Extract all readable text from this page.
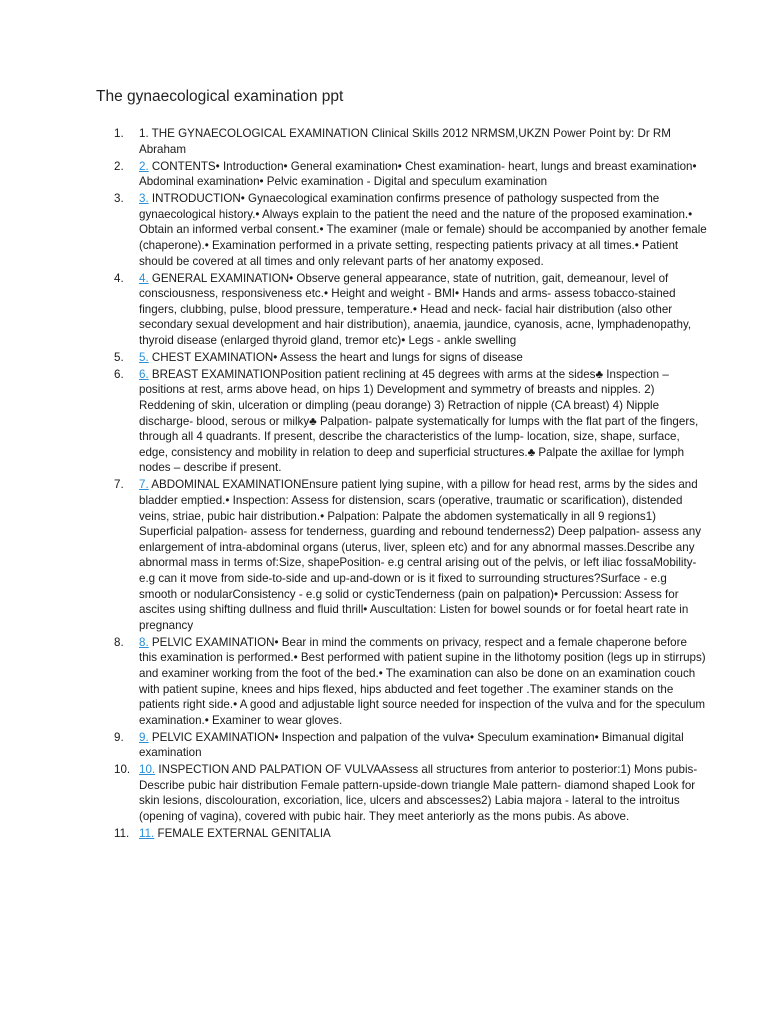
The gynaecological examination ppt
1. 1. THE GYNAECOLOGICAL EXAMINATION Clinical Skills 2012 NRMSM,UKZN Power Point by: Dr RM Abraham
2. 2. CONTENTS• Introduction• General examination• Chest examination- heart, lungs and breast examination• Abdominal examination• Pelvic examination - Digital and speculum examination
3. 3. INTRODUCTION• Gynaecological examination confirms presence of pathology suspected from the gynaecological history.• Always explain to the patient the need and the nature of the proposed examination.• Obtain an informed verbal consent.• The examiner (male or female) should be accompanied by another female (chaperone).• Examination performed in a private setting, respecting patients privacy at all times.• Patient should be covered at all times and only relevant parts of her anatomy exposed.
4. 4. GENERAL EXAMINATION• Observe general appearance, state of nutrition, gait, demeanour, level of consciousness, responsiveness etc.• Height and weight - BMI• Hands and arms- assess tobacco-stained fingers, clubbing, pulse, blood pressure, temperature.• Head and neck- facial hair distribution (also other secondary sexual development and hair distribution), anaemia, jaundice, cyanosis, acne, lymphadenopathy, thyroid disease (enlarged thyroid gland, tremor etc)• Legs - ankle swelling
5. 5. CHEST EXAMINATION• Assess the heart and lungs for signs of disease
6. 6. BREAST EXAMINATIONPosition patient reclining at 45 degrees with arms at the sides♣ Inspection – positions at rest, arms above head, on hips 1) Development and symmetry of breasts and nipples. 2) Reddening of skin, ulceration or dimpling (peau dorange) 3) Retraction of nipple (CA breast) 4) Nipple discharge- blood, serous or milky♣ Palpation- palpate systematically for lumps with the flat part of the fingers, through all 4 quadrants. If present, describe the characteristics of the lump- location, size, shape, surface, edge, consistency and mobility in relation to deep and superficial structures.♣ Palpate the axillae for lymph nodes – describe if present.
7. 7. ABDOMINAL EXAMINATIONEnsure patient lying supine, with a pillow for head rest, arms by the sides and bladder emptied.• Inspection: Assess for distension, scars (operative, traumatic or scarification), distended veins, striae, pubic hair distribution.• Palpation: Palpate the abdomen systematically in all 9 regions1) Superficial palpation- assess for tenderness, guarding and rebound tenderness2) Deep palpation- assess any enlargement of intra-abdominal organs (uterus, liver, spleen etc) and for any abnormal masses.Describe any abnormal mass in terms of:Size, shapePosition- e.g central arising out of the pelvis, or left iliac fossaMobility- e.g can it move from side-to-side and up-and-down or is it fixed to surrounding structures?Surface - e.g smooth or nodularConsistency - e.g solid or cysticTenderness (pain on palpation)• Percussion: Assess for ascites using shifting dullness and fluid thrill• Auscultation: Listen for bowel sounds or for foetal heart rate in pregnancy
8. 8. PELVIC EXAMINATION• Bear in mind the comments on privacy, respect and a female chaperone before this examination is performed.• Best performed with patient supine in the lithotomy position (legs up in stirrups) and examiner working from the foot of the bed.• The examination can also be done on an examination couch with patient supine, knees and hips flexed, hips abducted and feet together .The examiner stands on the patients right side.• A good and adjustable light source needed for inspection of the vulva and for the speculum examination.• Examiner to wear gloves.
9. 9. PELVIC EXAMINATION• Inspection and palpation of the vulva• Speculum examination• Bimanual digital examination
10. 10. INSPECTION AND PALPATION OF VULVAAssess all structures from anterior to posterior:1) Mons pubis- Describe pubic hair distribution Female pattern-upside-down triangle Male pattern- diamond shaped Look for skin lesions, discolouration, excoriation, lice, ulcers and abscesses2) Labia majora - lateral to the introitus (opening of vagina), covered with pubic hair. They meet anteriorly as the mons pubis. As above.
11. 11. FEMALE EXTERNAL GENITALIA
